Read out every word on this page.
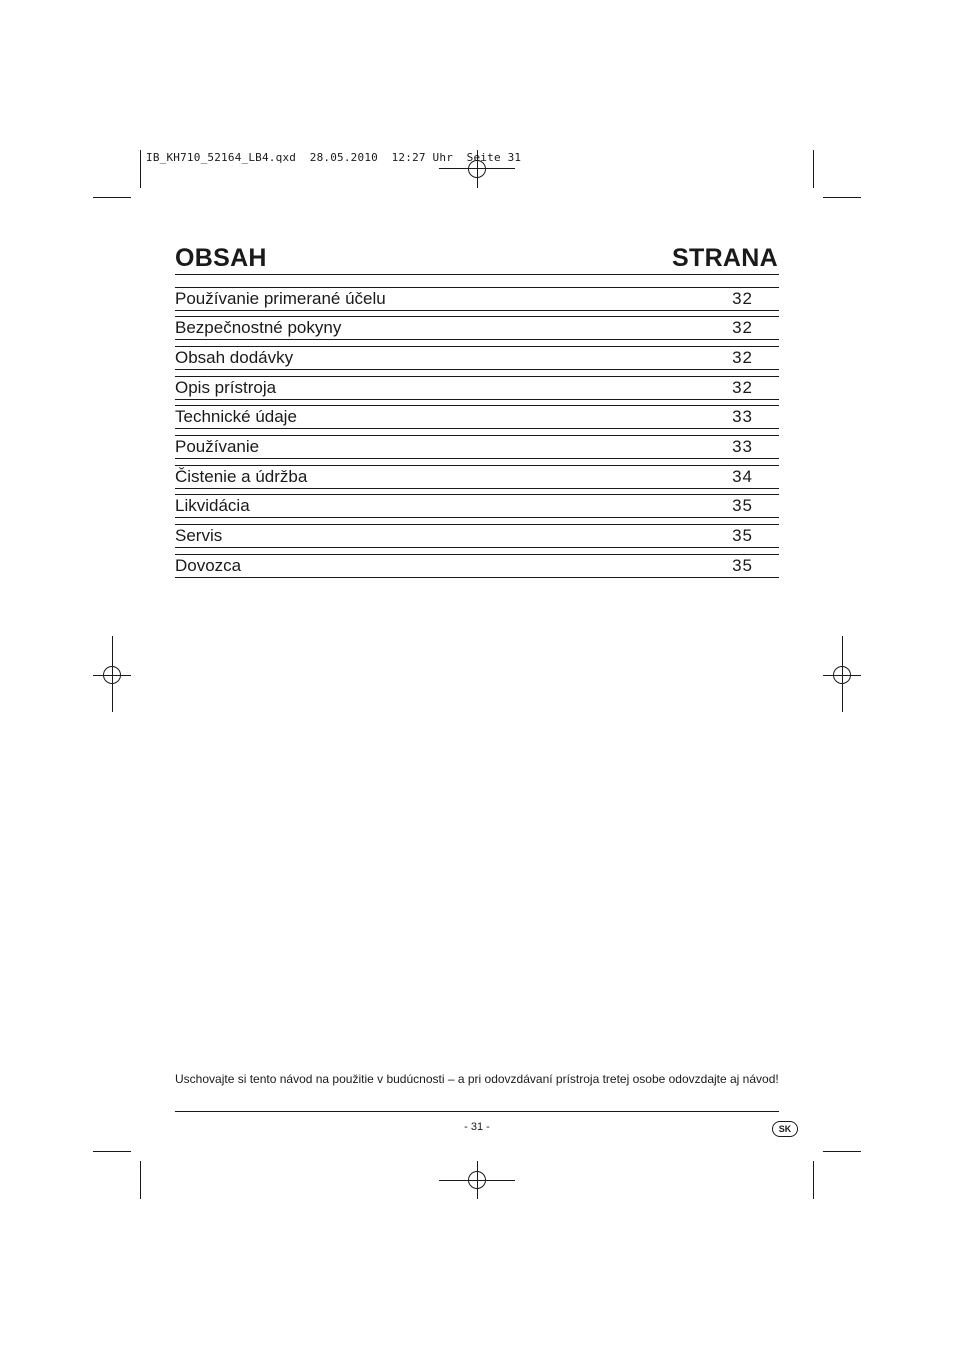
IB_KH710_52164_LB4.qxd  28.05.2010  12:27 Uhr  Seite 31
OBSAH	STRANA
Používanie primerané účelu	32
Bezpečnostné pokyny	32
Obsah dodávky	32
Opis prístroja	32
Technické údaje	33
Používanie	33
Čistenie a údržba	34
Likvidácia	35
Servis	35
Dovozca	35
Uschovajte si tento návod na použitie v budúcnosti – a pri odovzdávaní prístroja tretej osobe odovzdajte aj návod!
- 31 -	SK
